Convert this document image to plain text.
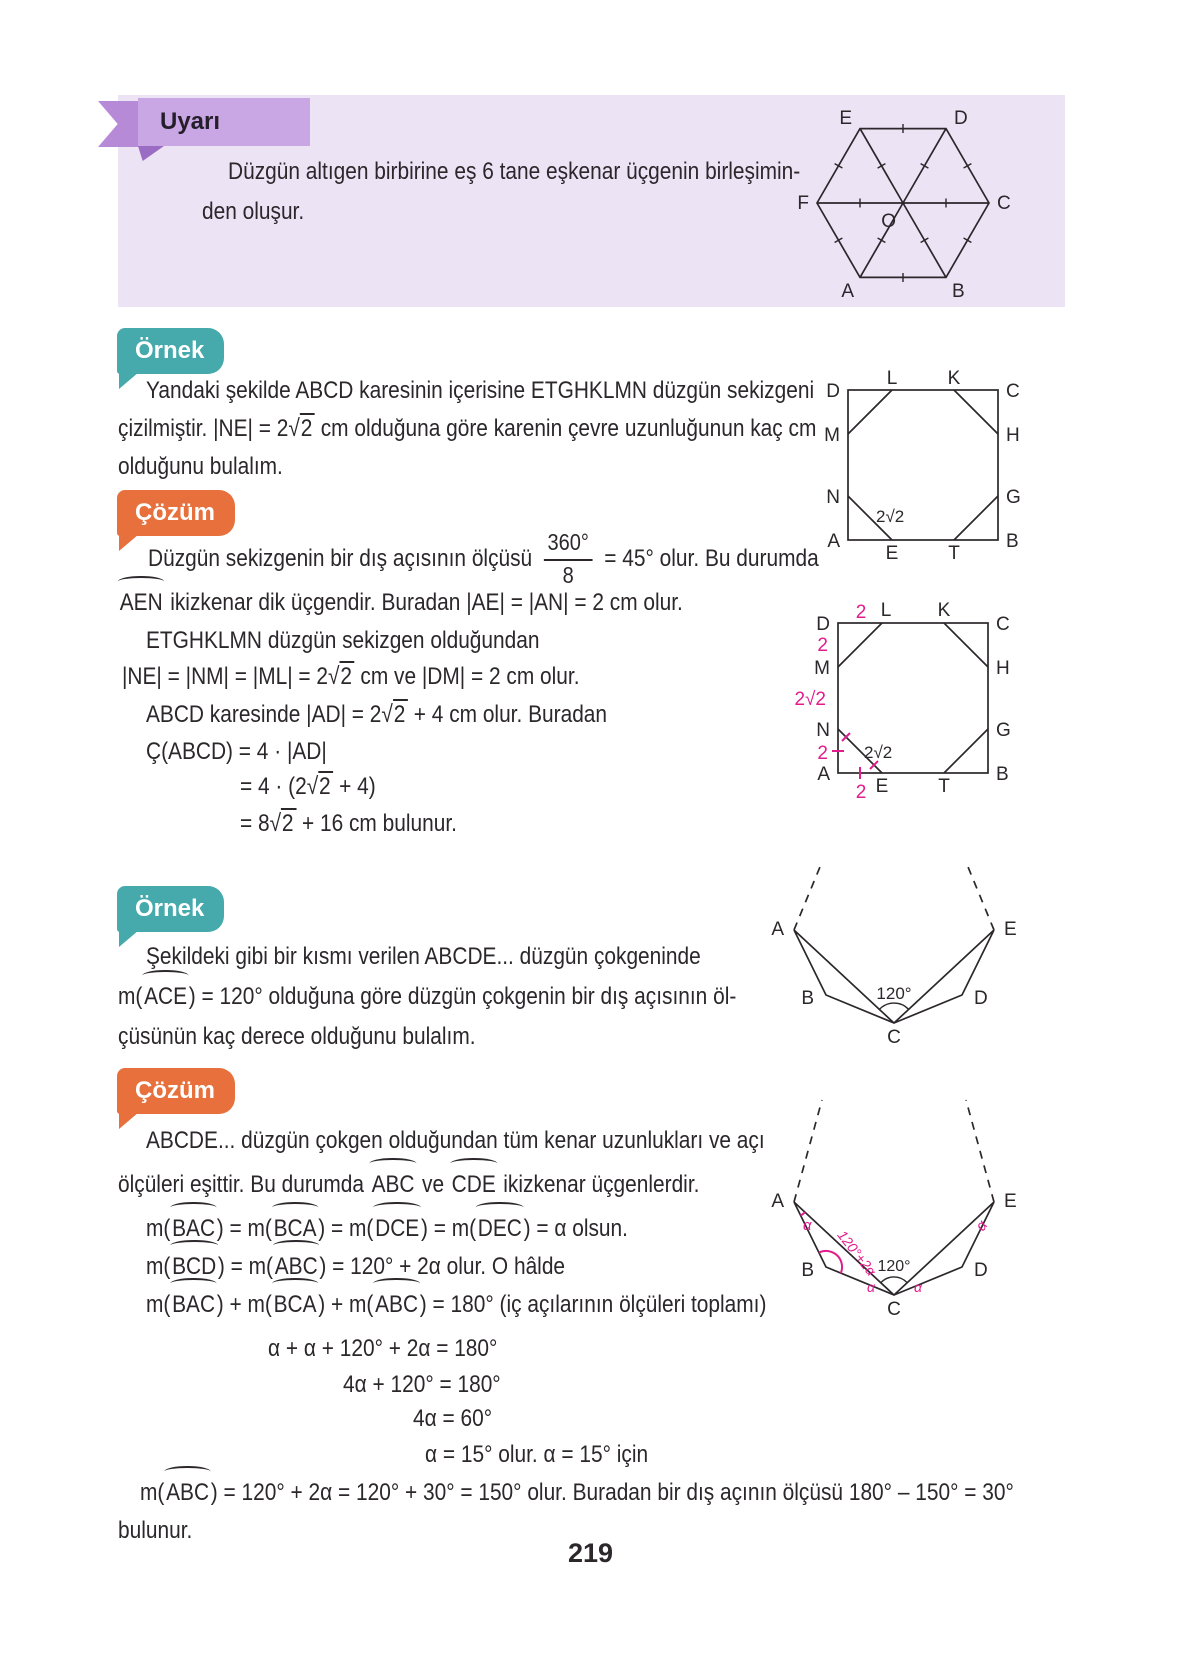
Uyarı
Düzgün altıgen birbirine eş 6 tane eşkenar üçgenin birleşimin-
den oluşur.
E	D
F	C
A	B
O
Örnek
Yandaki şekilde ABCD karesinin içerisine ETGHKLMN düzgün sekizgeni
çizilmiştir. |NE| = 2√2 cm olduğuna göre karenin çevre uzunluğunun kaç cm
olduğunu bulalım.
D
L	K
C
M	H
N	G
A
E	T
B
2√2
Çözüm
Düzgün sekizgenin bir dış açısının ölçüsü $\frac{360^\circ}{8} = 45^\circ$ olur. Bu durumda
AEN ikizkenar dik üçgendir. Buradan |AE| = |AN| = 2 cm olur.
ETGHKLMN düzgün sekizgen olduğundan
|NE| = |NM| = |ML| = 2√2 cm ve |DM| = 2 cm olur.
ABCD karesinde |AD| = 2√2 + 4 cm olur. Buradan
Ç(ABCD) = 4 · |AD|
= 4 · (2√2 + 4)
= 8√2 + 16 cm bulunur.
D
L K
C
M	H
N	G
A
E	T
B
2√2
2
2
2√2
2
2
Örnek
Şekildeki gibi bir kısmı verilen ABCDE... düzgün çokgeninde
m(ACE) = 120° olduğuna göre düzgün çokgenin bir dış açısının öl-
çüsünün kaç derece olduğunu bulalım.
A
B
C
D
E
120°
Çözüm
ABCDE... düzgün çokgen olduğundan tüm kenar uzunlukları ve açı
ölçüleri eşittir. Bu durumda ABC ve CDE ikizkenar üçgenlerdir.
m(BAC) = m(BCA) = m(DCE) = m(DEC) = α olsun.
m(BCD) = m(ABC) = 120° + 2α olur. O hâlde
m(BAC) + m(BCA) + m(ABC) = 180° (iç açılarının ölçüleri toplamı)
α + α + 120° + 2α = 180°
4α + 120° = 180°
4α = 60°
α = 15° olur. α = 15° için
m(ABC) = 120° + 2α = 120° + 30° = 150° olur. Buradan bir dış açının ölçüsü 180° – 150° = 30°
bulunur.
A
B
C
D
E
120°
α
120°+2α
α	α
α
219
